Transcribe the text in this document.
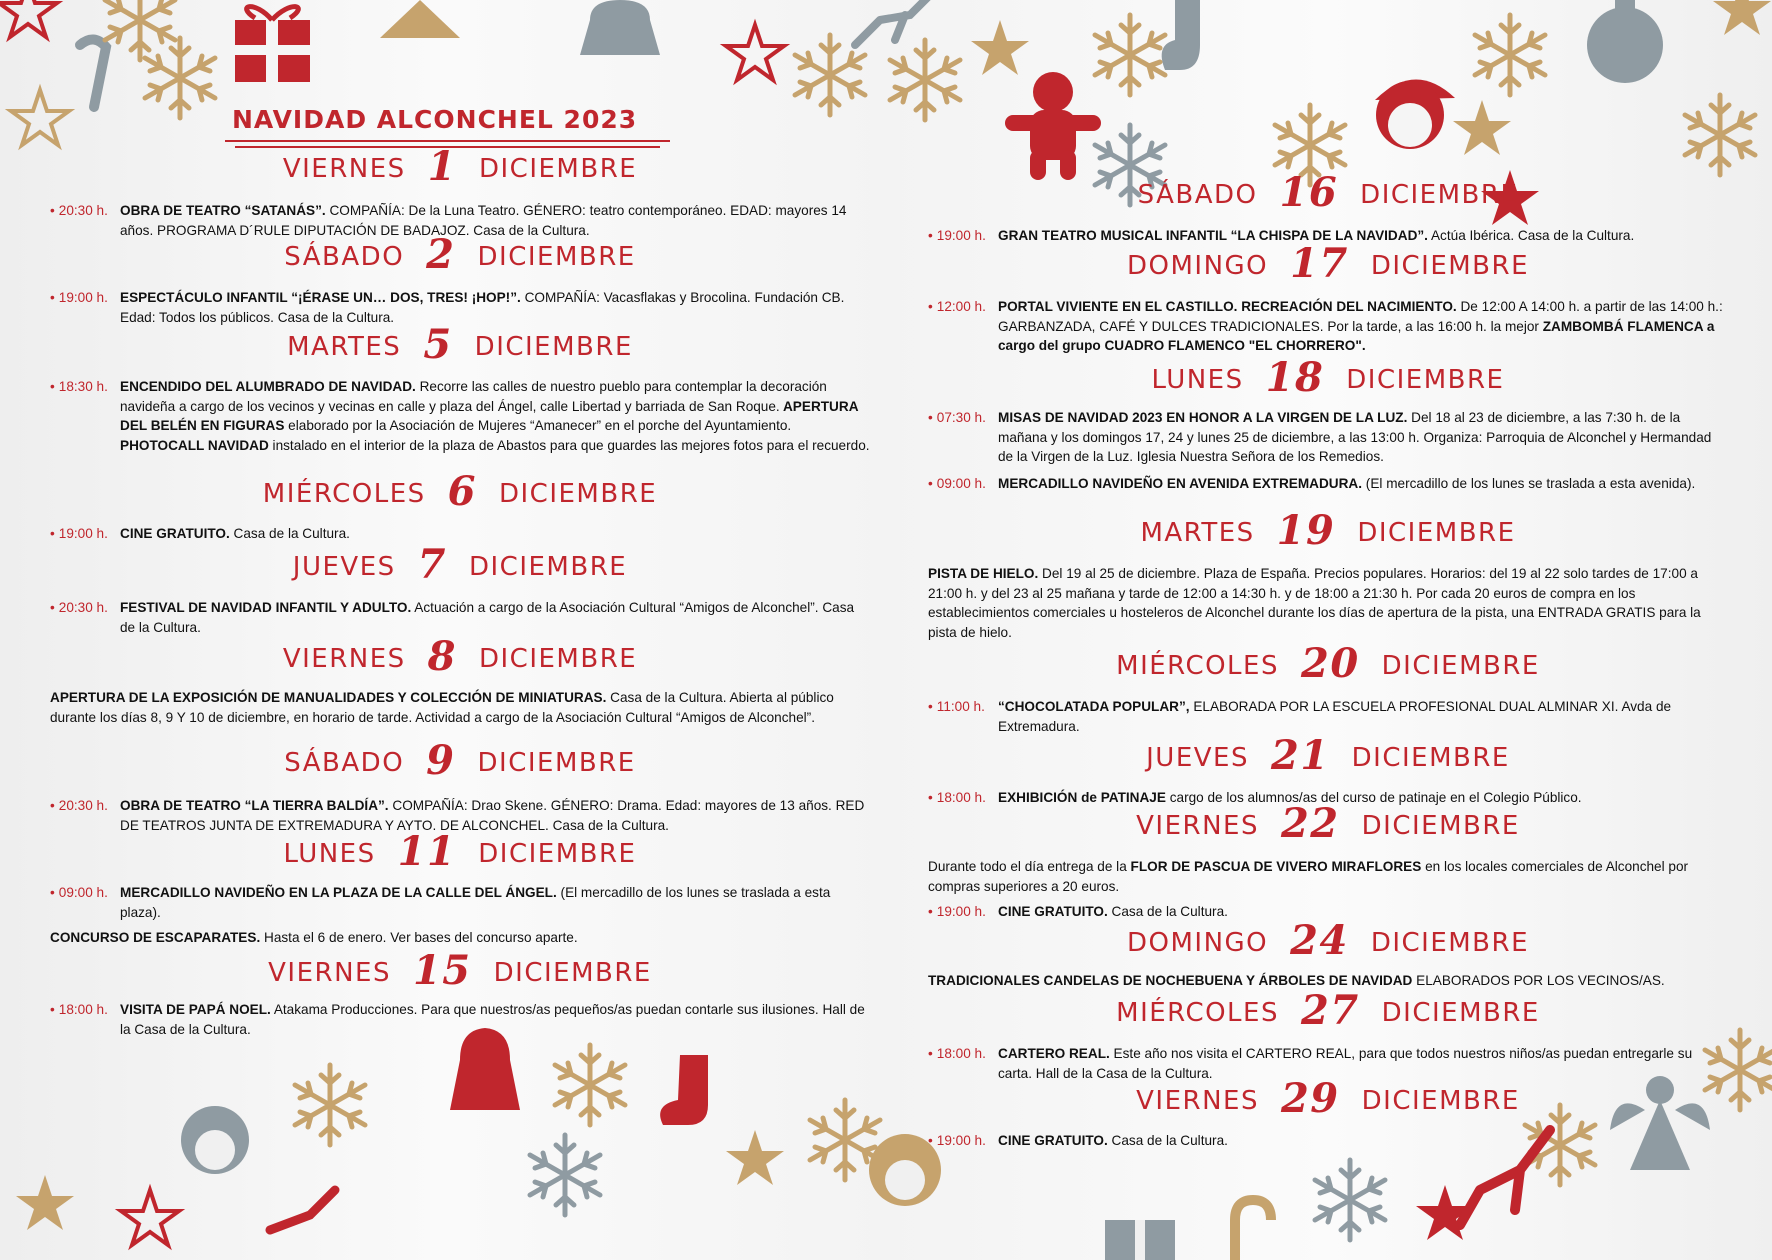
NAVIDAD ALCONCHEL 2023
VIERNES 1 DICIEMBRE
• 20:30 h. OBRA DE TEATRO “SATANÁS”. COMPAÑÍA: De la Luna Teatro. GÉNERO: teatro contemporáneo. EDAD: mayores 14 años. PROGRAMA D´RULE DIPUTACIÓN DE BADAJOZ. Casa de la Cultura.
SÁBADO 2 DICIEMBRE
• 19:00 h. ESPECTÁCULO INFANTIL “¡ÉRASE UN… DOS, TRES! ¡HOP!”. COMPAÑÍA: Vacasflakas y Brocolina. Fundación CB. Edad: Todos los públicos. Casa de la Cultura.
MARTES 5 DICIEMBRE
• 18:30 h. ENCENDIDO DEL ALUMBRADO DE NAVIDAD. Recorre las calles de nuestro pueblo para contemplar la decoración navideña a cargo de los vecinos y vecinas en calle y plaza del Ángel, calle Libertad y barriada de San Roque. APERTURA DEL BELÉN EN FIGURAS elaborado por la Asociación de Mujeres “Amanecer” en el porche del Ayuntamiento. PHOTOCALL NAVIDAD instalado en el interior de la plaza de Abastos para que guardes las mejores fotos para el recuerdo.
MIÉRCOLES 6 DICIEMBRE
• 19:00 h. CINE GRATUITO. Casa de la Cultura.
JUEVES 7 DICIEMBRE
• 20:30 h. FESTIVAL DE NAVIDAD INFANTIL Y ADULTO. Actuación a cargo de la Asociación Cultural “Amigos de Alconchel”. Casa de la Cultura.
VIERNES 8 DICIEMBRE
APERTURA DE LA EXPOSICIÓN DE MANUALIDADES Y COLECCIÓN DE MINIATURAS. Casa de la Cultura. Abierta al público durante los días 8, 9 Y 10 de diciembre, en horario de tarde. Actividad a cargo de la Asociación Cultural “Amigos de Alconchel”.
SÁBADO 9 DICIEMBRE
• 20:30 h. OBRA DE TEATRO “LA TIERRA BALDÍA”. COMPAÑÍA: Drao Skene. GÉNERO: Drama. Edad: mayores de 13 años. RED DE TEATROS JUNTA DE EXTREMADURA Y AYTO. DE ALCONCHEL. Casa de la Cultura.
LUNES 11 DICIEMBRE
• 09:00 h. MERCADILLO NAVIDEÑO EN LA PLAZA DE LA CALLE DEL ÁNGEL. (El mercadillo de los lunes se traslada a esta plaza).
CONCURSO DE ESCAPARATES. Hasta el 6 de enero. Ver bases del concurso aparte.
VIERNES 15 DICIEMBRE
• 18:00 h. VISITA DE PAPÁ NOEL. Atakama Producciones. Para que nuestros/as pequeños/as puedan contarle sus ilusiones. Hall de la Casa de la Cultura.
SÁBADO 16 DICIEMBRE
• 19:00 h. GRAN TEATRO MUSICAL INFANTIL “LA CHISPA DE LA NAVIDAD”. Actúa Ibérica. Casa de la Cultura.
DOMINGO 17 DICIEMBRE
• 12:00 h. PORTAL VIVIENTE EN EL CASTILLO. RECREACIÓN DEL NACIMIENTO. De 12:00 A 14:00 h. a partir de las 14:00 h.: GARBANZADA, CAFÉ Y DULCES TRADICIONALES. Por la tarde, a las 16:00 h. la mejor ZAMBOMBÁ FLAMENCA a cargo del grupo CUADRO FLAMENCO "EL CHORRERO".
LUNES 18 DICIEMBRE
• 07:30 h. MISAS DE NAVIDAD 2023 EN HONOR A LA VIRGEN DE LA LUZ. Del 18 al 23 de diciembre, a las 7:30 h. de la mañana y los domingos 17, 24 y lunes 25 de diciembre, a las 13:00 h. Organiza: Parroquia de Alconchel y Hermandad de la Virgen de la Luz. Iglesia Nuestra Señora de los Remedios.
• 09:00 h. MERCADILLO NAVIDEÑO EN AVENIDA EXTREMADURA. (El mercadillo de los lunes se traslada a esta avenida).
MARTES 19 DICIEMBRE
PISTA DE HIELO. Del 19 al 25 de diciembre. Plaza de España. Precios populares. Horarios: del 19 al 22 solo tardes de 17:00 a 21:00 h. y del 23 al 25 mañana y tarde de 12:00 a 14:30 h. y de 18:00 a 21:30 h. Por cada 20 euros de compra en los establecimientos comerciales u hosteleros de Alconchel durante los días de apertura de la pista, una ENTRADA GRATIS para la pista de hielo.
MIÉRCOLES 20 DICIEMBRE
• 11:00 h. “CHOCOLATADA POPULAR”, ELABORADA POR LA ESCUELA PROFESIONAL DUAL ALMINAR XI. Avda de Extremadura.
JUEVES 21 DICIEMBRE
• 18:00 h. EXHIBICIÓN de PATINAJE cargo de los alumnos/as del curso de patinaje en el Colegio Público.
VIERNES 22 DICIEMBRE
Durante todo el día entrega de la FLOR DE PASCUA DE VIVERO MIRAFLORES en los locales comerciales de Alconchel por compras superiores a 20 euros.
• 19:00 h. CINE GRATUITO. Casa de la Cultura.
DOMINGO 24 DICIEMBRE
TRADICIONALES CANDELAS DE NOCHEBUENA Y ÁRBOLES DE NAVIDAD ELABORADOS POR LOS VECINOS/AS.
MIÉRCOLES 27 DICIEMBRE
• 18:00 h. CARTERO REAL. Este año nos visita el CARTERO REAL, para que todos nuestros niños/as puedan entregarle su carta. Hall de la Casa de la Cultura.
VIERNES 29 DICIEMBRE
• 19:00 h. CINE GRATUITO. Casa de la Cultura.
